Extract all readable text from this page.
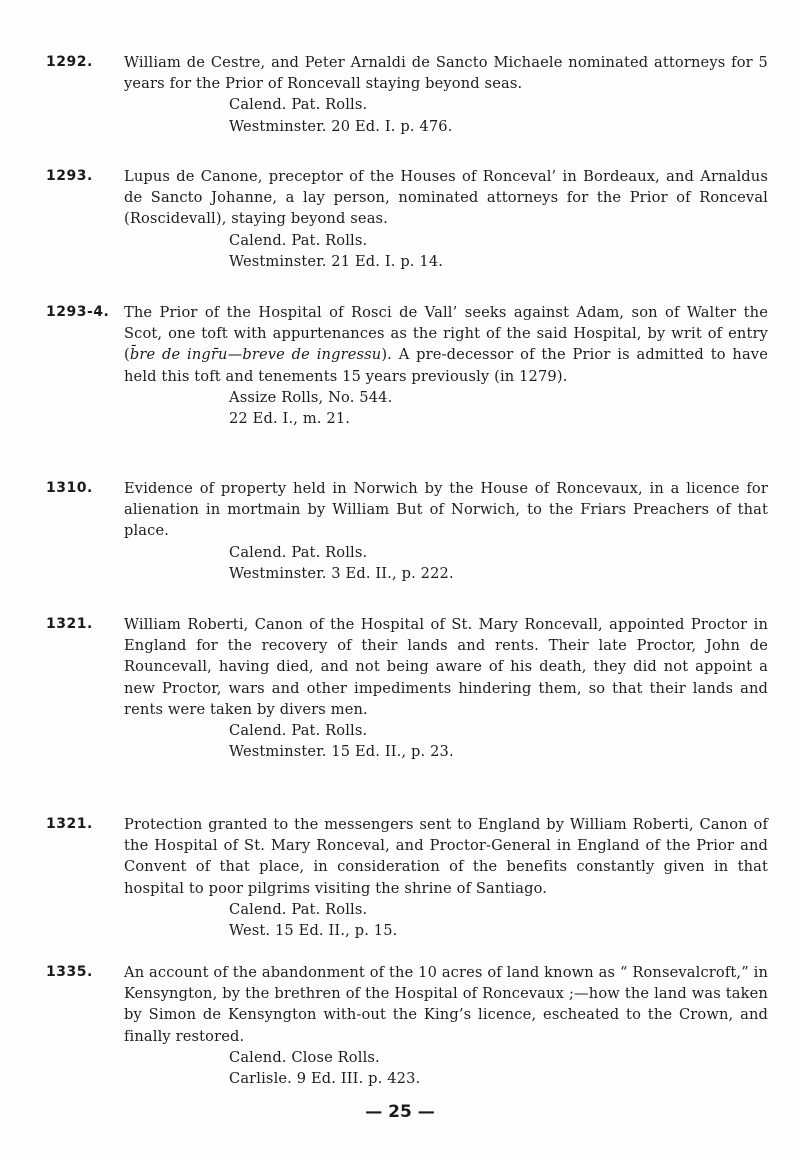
1292.	William de Cestre, and Peter Arnaldi de Sancto Michaele nominated attorneys for 5 years for the Prior of Roncevall staying beyond seas.

Calend. Pat. Rolls.
Westminster. 20 Ed. I. p. 476.
1293.	Lupus de Canone, preceptor of the Houses of Ronceval’ in Bordeaux, and Arnaldus de Sancto Johanne, a lay person, nominated attorneys for the Prior of Ronceval (Roscidevall), staying beyond seas.

Calend. Pat. Rolls.
Westminster. 21 Ed. I. p. 14.
1293-4.	The Prior of the Hospital of Rosci de Vall’ seeks against Adam, son of Walter the Scot, one toft with appurtenances as the right of the said Hospital, by writ of entry (b̄re de ingr̄u—breve de ingressu). A pre-decessor of the Prior is admitted to have held this toft and tenements 15 years previously (in 1279).

Assize Rolls, No. 544.
22 Ed. I., m. 21.
1310.	Evidence of property held in Norwich by the House of Roncevaux, in a licence for alienation in mortmain by William But of Norwich, to the Friars Preachers of that place.

Calend. Pat. Rolls.
Westminster. 3 Ed. II., p. 222.
1321.	William Roberti, Canon of the Hospital of St. Mary Roncevall, appointed Proctor in England for the recovery of their lands and rents. Their late Proctor, John de Rouncevall, having died, and not being aware of his death, they did not appoint a new Proctor, wars and other impediments hindering them, so that their lands and rents were taken by divers men.

Calend. Pat. Rolls.
Westminster. 15 Ed. II., p. 23.
1321.	Protection granted to the messengers sent to England by William Roberti, Canon of the Hospital of St. Mary Ronceval, and Proctor-General in England of the Prior and Convent of that place, in consideration of the benefits constantly given in that hospital to poor pilgrims visiting the shrine of Santiago.

Calend. Pat. Rolls.
West. 15 Ed. II., p. 15.
1335.	An account of the abandonment of the 10 acres of land known as “ Ronsevalcroft,” in Kensyngton, by the brethren of the Hospital of Roncevaux ;—how the land was taken by Simon de Kensyngton with-out the King’s licence, escheated to the Crown, and finally restored.

Calend. Close Rolls.
Carlisle. 9 Ed. III. p. 423.
— 25 —
